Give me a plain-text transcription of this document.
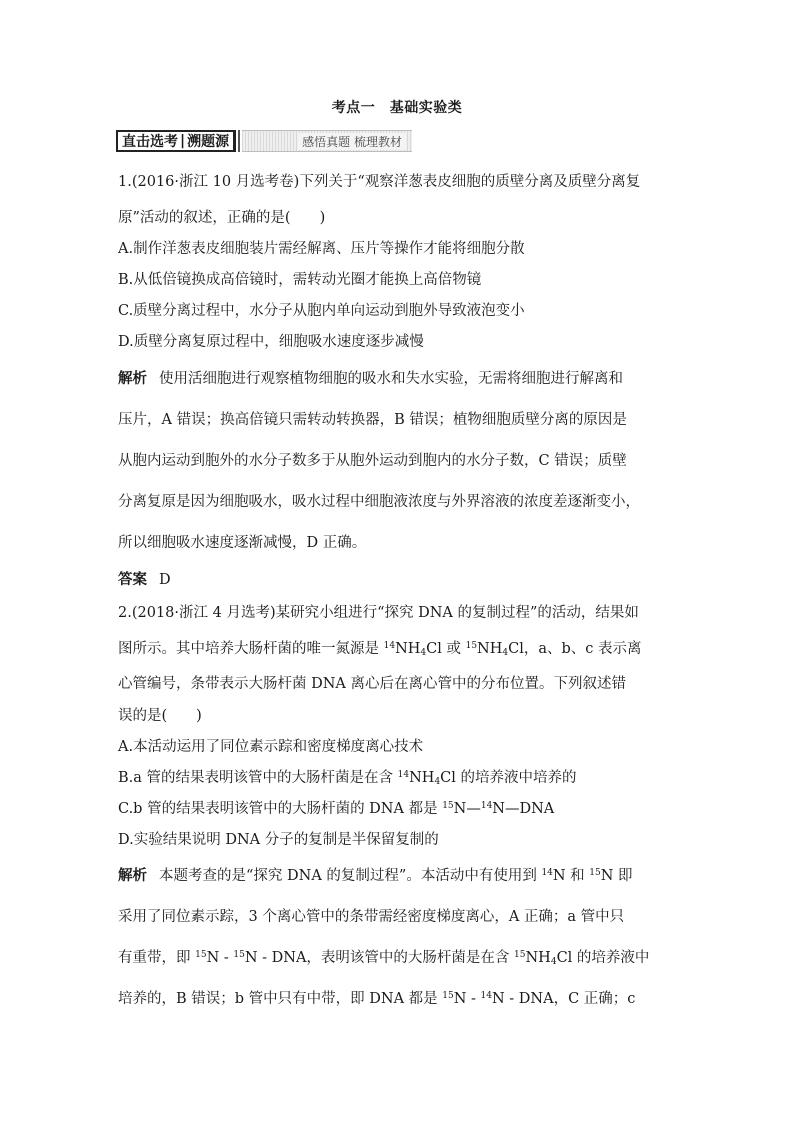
考点一　基础实验类
直击选考 | 溯题源	感悟真题 梳理教材
1.(2016·浙江 10 月选考卷)下列关于“观察洋葱表皮细胞的质壁分离及质壁分离复
原”活动的叙述，正确的是(　　)
A.制作洋葱表皮细胞装片需经解离、压片等操作才能将细胞分散
B.从低倍镜换成高倍镜时，需转动光圈才能换上高倍物镜
C.质壁分离过程中，水分子从胞内单向运动到胞外导致液泡变小
D.质壁分离复原过程中，细胞吸水速度逐步减慢
解析 使用活细胞进行观察植物细胞的吸水和失水实验，无需将细胞进行解离和
压片，A 错误；换高倍镜只需转动转换器，B 错误；植物细胞质壁分离的原因是
从胞内运动到胞外的水分子数多于从胞外运动到胞内的水分子数，C 错误；质壁
分离复原是因为细胞吸水，吸水过程中细胞液浓度与外界溶液的浓度差逐渐变小，
所以细胞吸水速度逐渐减慢，D 正确。
答案 D
2.(2018·浙江 4 月选考)某研究小组进行“探究 DNA 的复制过程”的活动，结果如
图所示。其中培养大肠杆菌的唯一氮源是 $^{14}NH_4Cl$ 或 $^{15}NH_4Cl$，a、b、c 表示离
心管编号，条带表示大肠杆菌 DNA 离心后在离心管中的分布位置。下列叙述错
误的是(　　)
A.本活动运用了同位素示踪和密度梯度离心技术
B.a 管的结果表明该管中的大肠杆菌是在含 $^{14}NH_4Cl$ 的培养液中培养的
C.b 管的结果表明该管中的大肠杆菌的 DNA 都是 $^{15}$N—$^{14}$N—DNA
D.实验结果说明 DNA 分子的复制是半保留复制的
解析 本题考查的是“探究 DNA 的复制过程”。本活动中有使用到 $^{14}$N 和 $^{15}$N 即
采用了同位素示踪，3 个离心管中的条带需经密度梯度离心，A 正确；a 管中只
有重带，即 $^{15}$N - $^{15}$N - DNA，表明该管中的大肠杆菌是在含 $^{15}NH_4Cl$ 的培养液中
培养的，B 错误；b 管中只有中带，即 DNA 都是 $^{15}$N - $^{14}$N - DNA，C 正确；c
